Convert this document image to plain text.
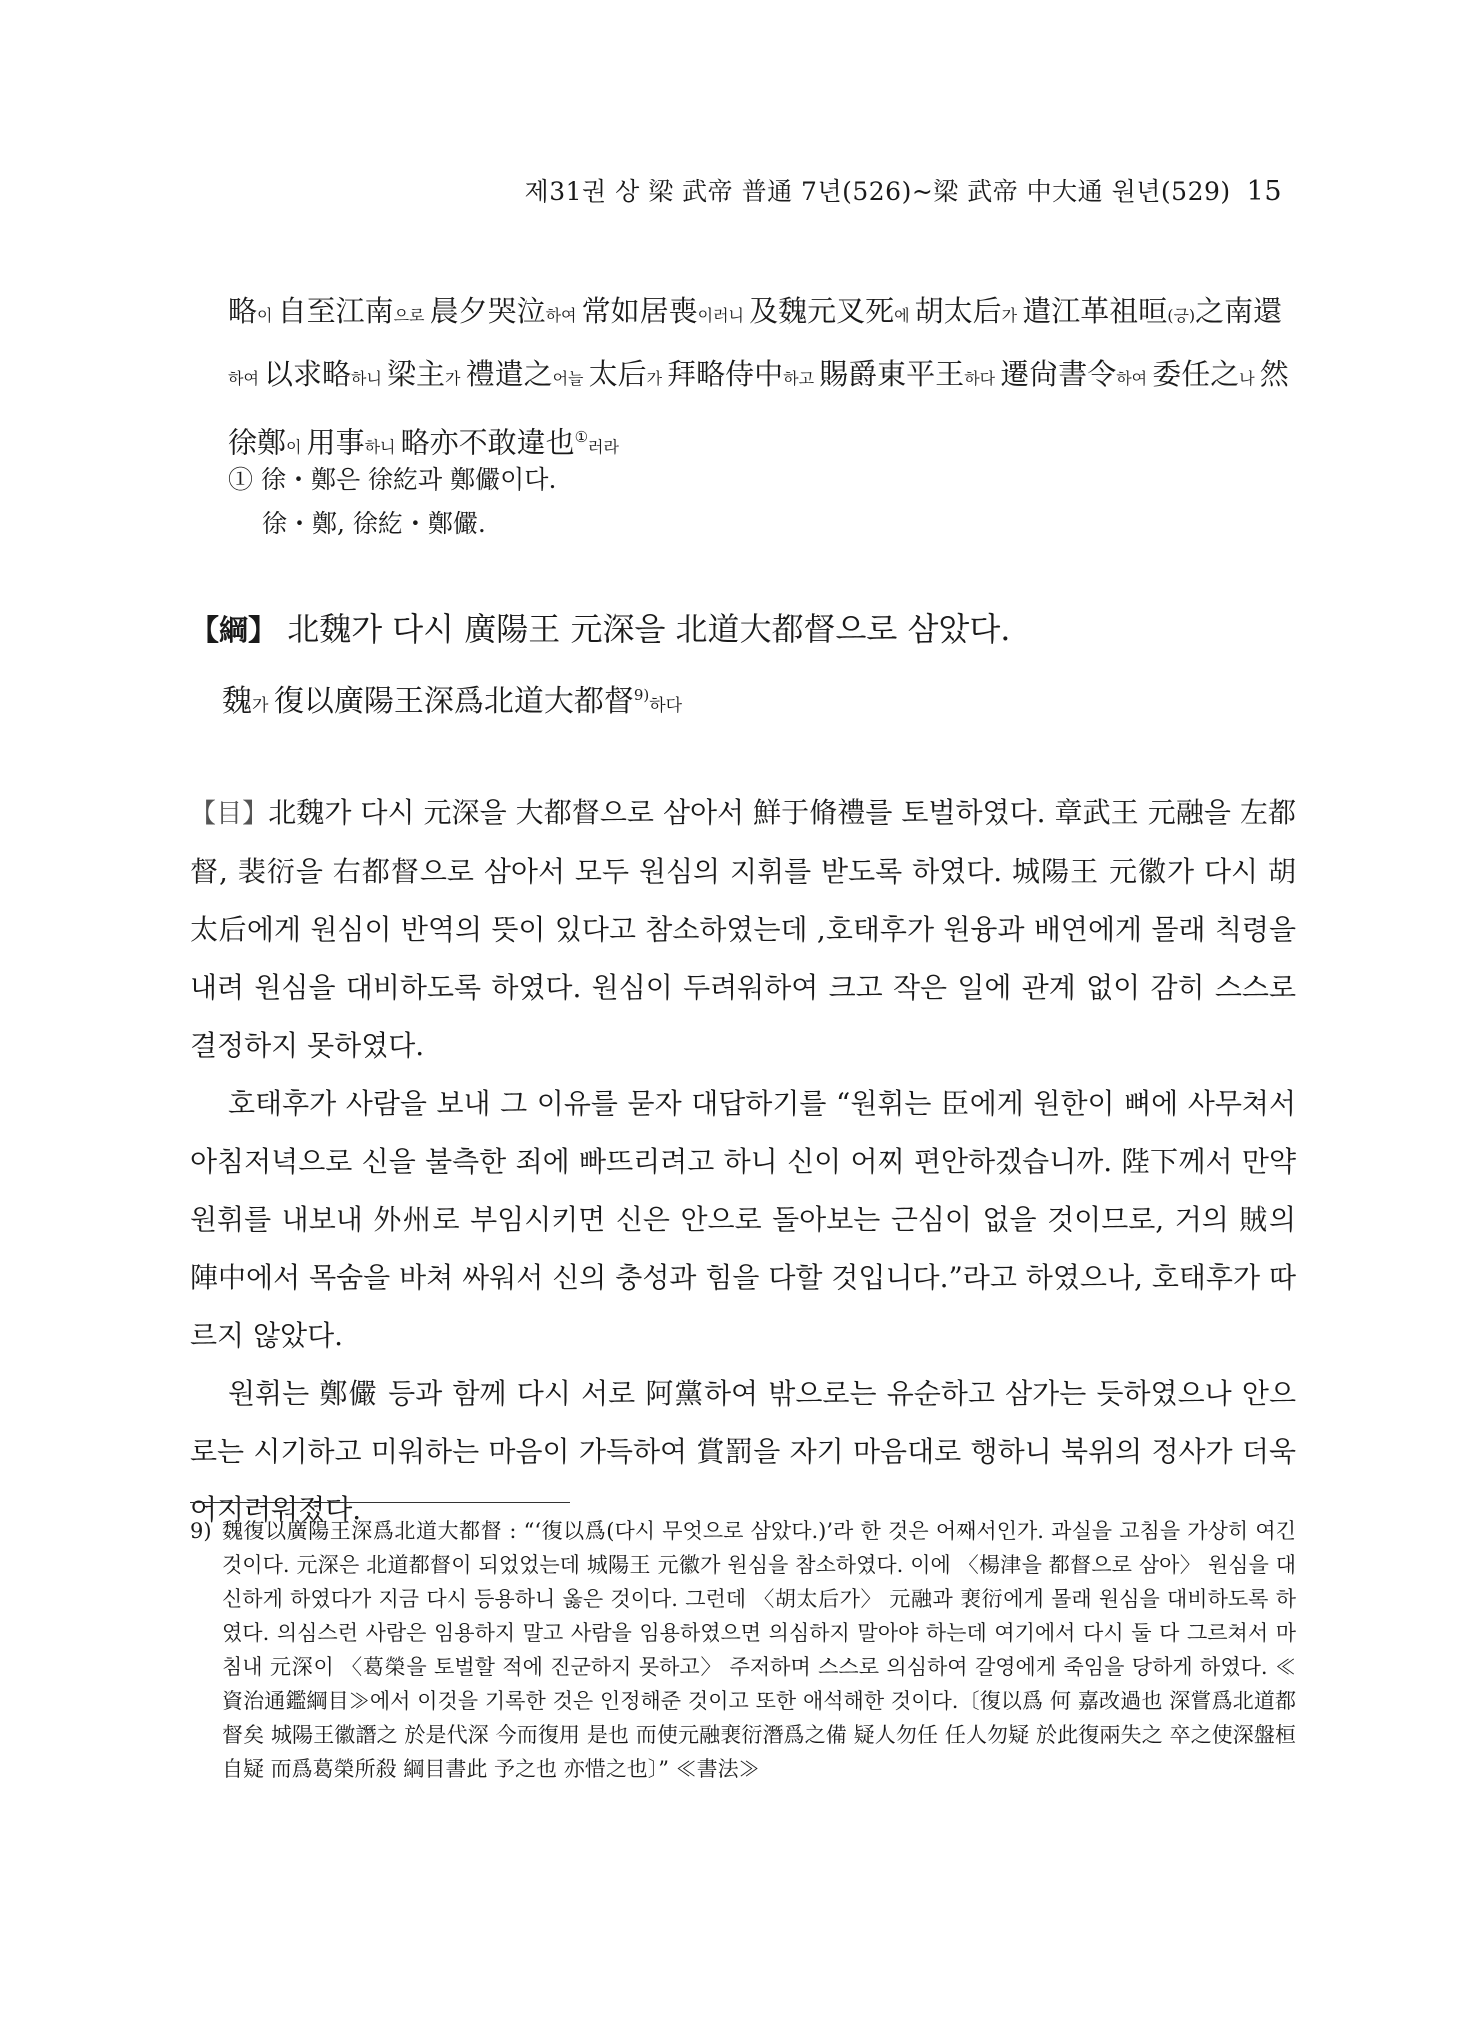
제31권 상 梁 武帝 普通 7년(526)~梁 武帝 中大通 원년(529) 15

略이 自至江南으로 晨夕哭泣하여 常如居喪이러니 及魏元叉死에 胡太后가 遣江革祖晅(긍)之南還하여 以求略하니 梁主가 禮遣之어늘 太后가 拜略侍中하고 賜爵東平王하다 遷尙書令하여 委任之나 然徐鄭이 用事하니 略亦不敢違也①러라

① 徐・鄭은 徐紇과 鄭儼이다.
徐・鄭, 徐紇・鄭儼.
【綱】 北魏가 다시 廣陽王 元深을 北道大都督으로 삼았다.
魏가 復以廣陽王深爲北道大都督$^{9)}$하다

【目】北魏가 다시 元深을 大都督으로 삼아서 鮮于脩禮를 토벌하였다. 章武王 元融을 左都督, 裴衍을 右都督으로 삼아서 모두 원심의 지휘를 받도록 하였다. 城陽王 元徽가 다시 胡太后에게 원심이 반역의 뜻이 있다고 참소하였는데 ,호태후가 원융과 배연에게 몰래 칙령을 내려 원심을 대비하도록 하였다. 원심이 두려워하여 크고 작은 일에 관계 없이 감히 스스로 결정하지 못하였다.

호태후가 사람을 보내 그 이유를 묻자 대답하기를 “원휘는 臣에게 원한이 뼈에 사무쳐서 아침저녁으로 신을 불측한 죄에 빠뜨리려고 하니 신이 어찌 편안하겠습니까. 陛下께서 만약 원휘를 내보내 外州로 부임시키면 신은 안으로 돌아보는 근심이 없을 것이므로, 거의 賊의 陣中에서 목숨을 바쳐 싸워서 신의 충성과 힘을 다할 것입니다.”라고 하였으나, 호태후가 따르지 않았다.

원휘는 鄭儼 등과 함께 다시 서로 阿黨하여 밖으로는 유순하고 삼가는 듯하였으나 안으로는 시기하고 미워하는 마음이 가득하여 賞罰을 자기 마음대로 행하니 북위의 정사가 더욱 어지러워졌다.

9) 魏復以廣陽王深爲北道大都督 : “‘復以爲(다시 무엇으로 삼았다.)’라 한 것은 어째서인가. 과실을 고침을 가상히 여긴 것이다. 元深은 北道都督이 되었었는데 城陽王 元徽가 원심을 참소하였다. 이에 〈楊津을 都督으로 삼아〉 원심을 대신하게 하였다가 지금 다시 등용하니 옳은 것이다. 그런데 〈胡太后가〉 元融과 裵衍에게 몰래 원심을 대비하도록 하였다. 의심스런 사람은 임용하지 말고 사람을 임용하였으면 의심하지 말아야 하는데 여기에서 다시 둘 다 그르쳐서 마침내 元深이 〈葛榮을 토벌할 적에 진군하지 못하고〉 주저하며 스스로 의심하여 갈영에게 죽임을 당하게 하였다. ≪資治通鑑綱目≫에서 이것을 기록한 것은 인정해준 것이고 또한 애석해한 것이다.〔復以爲 何 嘉改過也 深嘗爲北道都督矣 城陽王徽譖之 於是代深 今而復用 是也 而使元融裵衍潛爲之備 疑人勿任 任人勿疑 於此復兩失之 卒之使深盤桓自疑 而爲葛榮所殺 綱目書此 予之也 亦惜之也〕” ≪書法≫
